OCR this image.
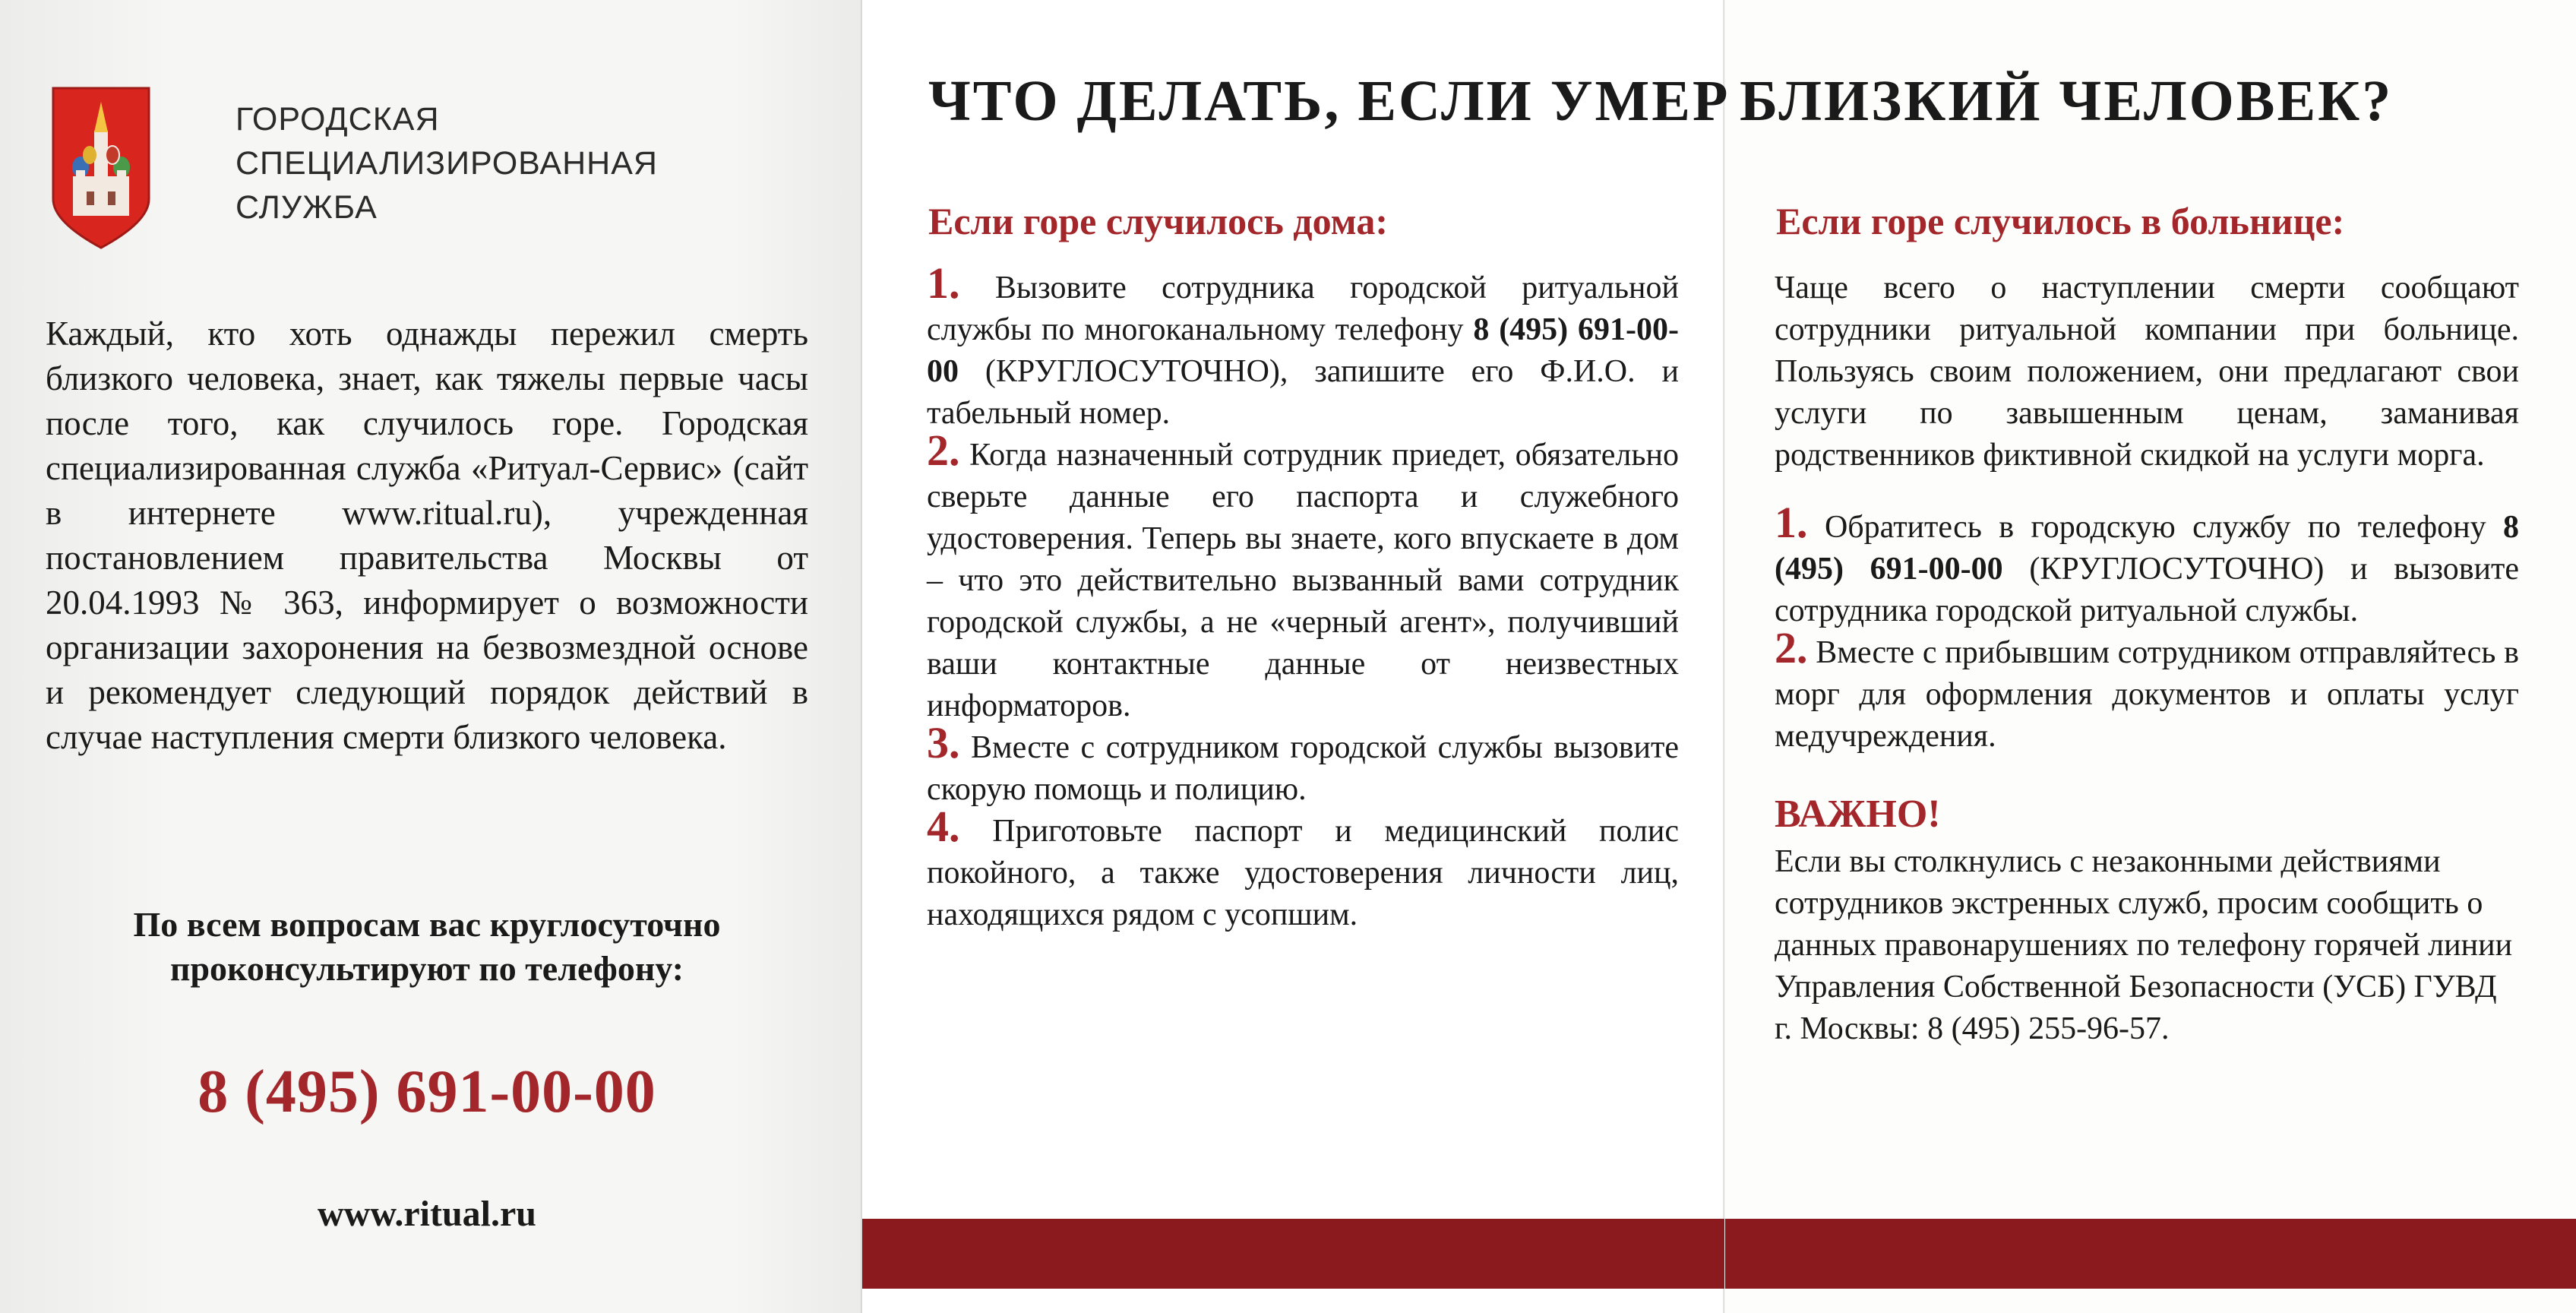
ГОРОДСКАЯ
СПЕЦИАЛИЗИРОВАННАЯ
СЛУЖБА
Каждый, кто хоть однажды пережил смерть близкого человека, знает, как тяжелы первые часы после того, как случилось горе. Городская специализированная служба «Ритуал-Сервис» (сайт в интернете www.ritual.ru), учрежденная постановлением правительства Москвы от 20.04.1993 № 363, информирует о возможности организации захоронения на безвозмездной основе и рекомендует следующий порядок действий в случае наступления смерти близкого человека.
По всем вопросам вас круглосуточно
проконсультируют по телефону:
8 (495) 691-00-00
www.ritual.ru
ЧТО ДЕЛАТЬ, ЕСЛИ УМЕР БЛИЗКИЙ ЧЕЛОВЕК?
Если горе случилось дома:	Если горе случилось в больнице:

1. Вызовите сотрудника городской ритуальной службы по многоканальному телефону 8 (495) 691-00-00 (КРУГЛОСУТОЧНО), запишите его Ф.И.О. и табельный номер.

2. Когда назначенный сотрудник приедет, обязательно сверьте данные его паспорта и служебного удостоверения. Теперь вы знаете, кого впускаете в дом – что это действительно вызванный вами сотрудник городской службы, а не «черный агент», получивший ваши контактные данные от неизвестных информаторов.

3. Вместе с сотрудником городской службы вызовите скорую помощь и полицию.

4. Приготовьте паспорт и медицинский полис покойного, а также удостоверения личности лиц, находящихся рядом с усопшим.

Чаще всего о наступлении смерти сообщают сотрудники ритуальной компании при больнице. Пользуясь своим положением, они предлагают свои услуги по завышенным ценам, заманивая родственников фиктивной скидкой на услуги морга.

1. Обратитесь в городскую службу по телефону 8 (495) 691-00-00 (КРУГЛОСУТОЧНО) и вызовите сотрудника городской ритуальной службы.

2. Вместе с прибывшим сотрудником отправляйтесь в морг для оформления документов и оплаты услуг медучреждения.

ВАЖНО!

Если вы столкнулись с незаконными действиями сотрудников экстренных служб, просим сообщить о данных правонарушениях по телефону горячей линии Управления Собственной Безопасности (УСБ) ГУВД г. Москвы: 8 (495) 255-96-57.
